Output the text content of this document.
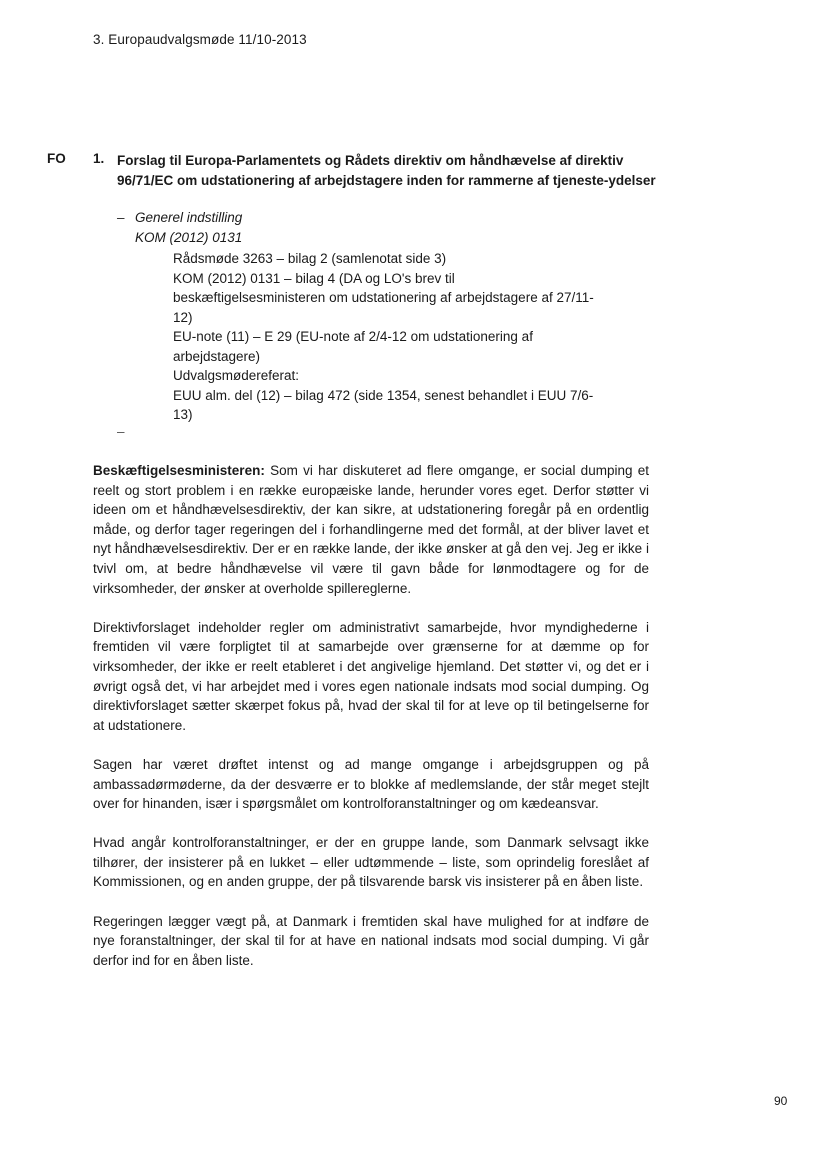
3. Europaudvalgsmøde 11/10-2013
FO 1. Forslag til Europa-Parlamentets og Rådets direktiv om håndhævelse af direktiv 96/71/EC om udstationering af arbejdstagere inden for rammerne af tjeneste-ydelser
– Generel indstilling
KOM (2012) 0131
Rådsmøde 3263 – bilag 2 (samlenotat side 3)
KOM (2012) 0131 – bilag 4 (DA og LO's brev til beskæftigelsesministeren om udstationering af arbejdstagere af 27/11-12)
EU-note (11) – E 29 (EU-note af 2/4-12 om udstationering af arbejdstagere)
Udvalgsmødereferat:
EUU alm. del (12) – bilag 472 (side 1354, senest behandlet i EUU 7/6-13)
–

Beskæftigelsesministeren: Som vi har diskuteret ad flere omgange, er social dumping et reelt og stort problem i en række europæiske lande, herunder vores eget. Derfor støtter vi ideen om et håndhævelsesdirektiv, der kan sikre, at udstationering foregår på en ordentlig måde, og derfor tager regeringen del i forhandlingerne med det formål, at der bliver lavet et nyt håndhævelsesdirektiv. Der er en række lande, der ikke ønsker at gå den vej. Jeg er ikke i tvivl om, at bedre håndhævelse vil være til gavn både for lønmodtagere og for de virksomheder, der ønsker at overholde spillereglerne.

Direktivforslaget indeholder regler om administrativt samarbejde, hvor myndighederne i fremtiden vil være forpligtet til at samarbejde over grænserne for at dæmme op for virksomheder, der ikke er reelt etableret i det angivelige hjemland. Det støtter vi, og det er i øvrigt også det, vi har arbejdet med i vores egen nationale indsats mod social dumping. Og direktivforslaget sætter skærpet fokus på, hvad der skal til for at leve op til betingelserne for at udstationere.

Sagen har været drøftet intenst og ad mange omgange i arbejdsgruppen og på ambassadørmøderne, da der desværre er to blokke af medlemslande, der står meget stejlt over for hinanden, især i spørgsmålet om kontrolforanstaltninger og om kædeansvar.

Hvad angår kontrolforanstaltninger, er der en gruppe lande, som Danmark selvsagt ikke tilhører, der insisterer på en lukket – eller udtømmende – liste, som oprindelig foreslået af Kommissionen, og en anden gruppe, der på tilsvarende barsk vis insisterer på en åben liste.

Regeringen lægger vægt på, at Danmark i fremtiden skal have mulighed for at indføre de nye foranstaltninger, der skal til for at have en national indsats mod social dumping. Vi går derfor ind for en åben liste.

90
